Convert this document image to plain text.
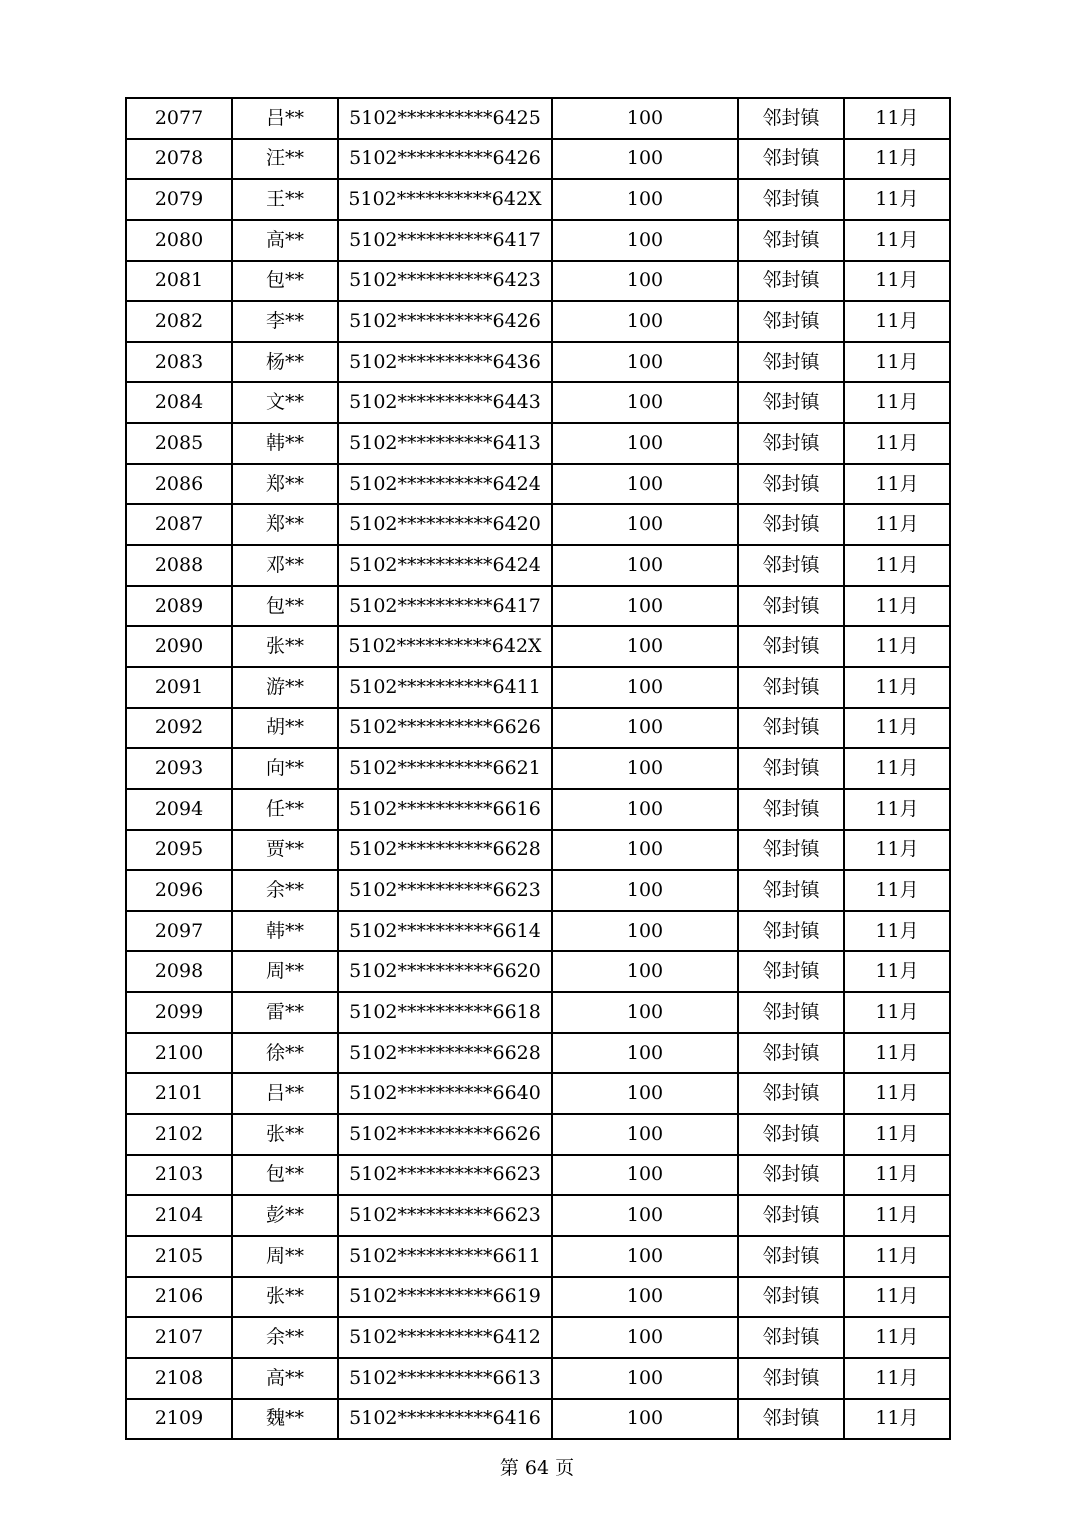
2077	吕**	5102**********6425	100	邻封镇	11月
2078	汪**	5102**********6426	100	邻封镇	11月
2079	王**	5102**********642X	100	邻封镇	11月
2080	高**	5102**********6417	100	邻封镇	11月
2081	包**	5102**********6423	100	邻封镇	11月
2082	李**	5102**********6426	100	邻封镇	11月
2083	杨**	5102**********6436	100	邻封镇	11月
2084	文**	5102**********6443	100	邻封镇	11月
2085	韩**	5102**********6413	100	邻封镇	11月
2086	郑**	5102**********6424	100	邻封镇	11月
2087	郑**	5102**********6420	100	邻封镇	11月
2088	邓**	5102**********6424	100	邻封镇	11月
2089	包**	5102**********6417	100	邻封镇	11月
2090	张**	5102**********642X	100	邻封镇	11月
2091	游**	5102**********6411	100	邻封镇	11月
2092	胡**	5102**********6626	100	邻封镇	11月
2093	向**	5102**********6621	100	邻封镇	11月
2094	任**	5102**********6616	100	邻封镇	11月
2095	贾**	5102**********6628	100	邻封镇	11月
2096	余**	5102**********6623	100	邻封镇	11月
2097	韩**	5102**********6614	100	邻封镇	11月
2098	周**	5102**********6620	100	邻封镇	11月
2099	雷**	5102**********6618	100	邻封镇	11月
2100	徐**	5102**********6628	100	邻封镇	11月
2101	吕**	5102**********6640	100	邻封镇	11月
2102	张**	5102**********6626	100	邻封镇	11月
2103	包**	5102**********6623	100	邻封镇	11月
2104	彭**	5102**********6623	100	邻封镇	11月
2105	周**	5102**********6611	100	邻封镇	11月
2106	张**	5102**********6619	100	邻封镇	11月
2107	余**	5102**********6412	100	邻封镇	11月
2108	高**	5102**********6613	100	邻封镇	11月
2109	魏**	5102**********6416	100	邻封镇	11月
第 64 页
